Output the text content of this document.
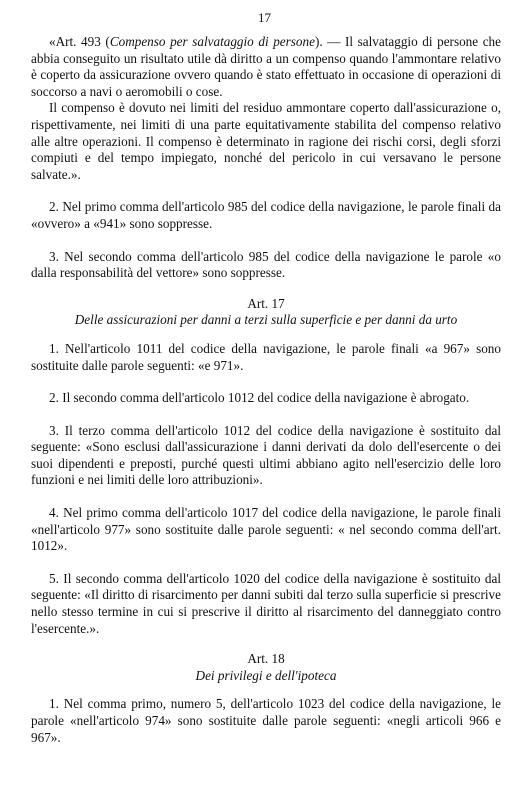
17

«Art. 493 (Compenso per salvataggio di persone). — Il salvataggio di persone che abbia conseguito un risultato utile dà diritto a un compenso quando l'ammontare relativo è coperto da assicurazione ovvero quando è stato effettuato in occasione di operazioni di soccorso a navi o aeromobili o cose.

Il compenso è dovuto nei limiti del residuo ammontare coperto dall'assicurazione o, rispettivamente, nei limiti di una parte equitativamente stabilita del compenso relativo alle altre operazioni. Il compenso è determinato in ragione dei rischi corsi, degli sforzi compiuti e del tempo impiegato, nonché del pericolo in cui versavano le persone salvate.».

2. Nel primo comma dell'articolo 985 del codice della navigazione, le parole finali da «ovvero» a «941» sono soppresse.

3. Nel secondo comma dell'articolo 985 del codice della navigazione le parole «o dalla responsabilità del vettore» sono soppresse.

Art. 17
Delle assicurazioni per danni a terzi sulla superficie e per danni da urto

1. Nell'articolo 1011 del codice della navigazione, le parole finali «a 967» sono sostituite dalle parole seguenti: «e 971».

2. Il secondo comma dell'articolo 1012 del codice della navigazione è abrogato.

3. Il terzo comma dell'articolo 1012 del codice della navigazione è sostituito dal seguente: «Sono esclusi dall'assicurazione i danni derivati da dolo dell'esercente o dei suoi dipendenti e preposti, purché questi ultimi abbiano agito nell'esercizio delle loro funzioni e nei limiti delle loro attribuzioni».

4. Nel primo comma dell'articolo 1017 del codice della navigazione, le parole finali «nell'articolo 977» sono sostituite dalle parole seguenti: « nel secondo comma dell'art. 1012».

5. Il secondo comma dell'articolo 1020 del codice della navigazione è sostituito dal seguente: «Il diritto di risarcimento per danni subiti dal terzo sulla superficie si prescrive nello stesso termine in cui si prescrive il diritto al risarcimento del danneggiato contro l'esercente.».

Art. 18
Dei privilegi e dell'ipoteca

1. Nel comma primo, numero 5, dell'articolo 1023 del codice della navigazione, le parole «nell'articolo 974» sono sostituite dalle parole seguenti: «negli articoli 966 e 967».
